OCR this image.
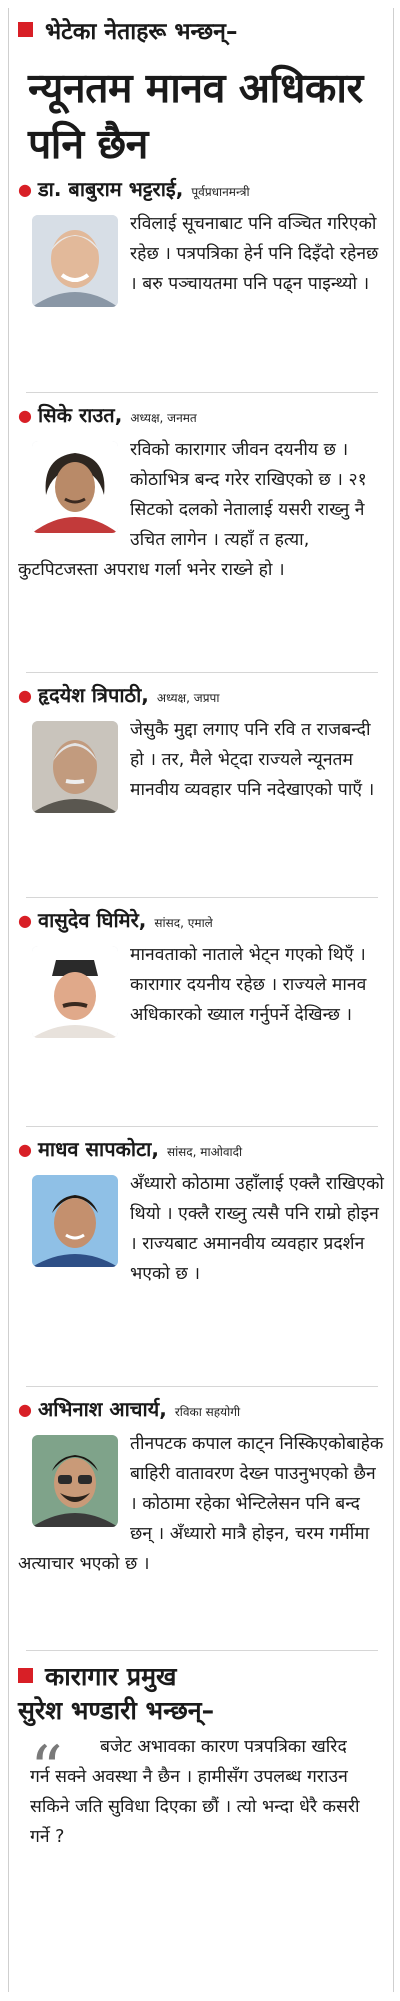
भेटेका नेताहरू भन्छन्–
न्यूनतम मानव अधिकार पनि छैन
● डा. बाबुराम भट्टराई, पूर्वप्रधानमन्त्री

रविलाई सूचनाबाट पनि वञ्चित गरिएको रहेछ । पत्रपत्रिका हेर्न पनि दिइँदो रहेनछ । बरु पञ्चायतमा पनि पढ्न पाइन्थ्यो ।

● सिके राउत, अध्यक्ष, जनमत

रविको कारागार जीवन दयनीय छ । कोठाभित्र बन्द गरेर राखिएको छ । २१ सिटको दलको नेतालाई यसरी राख्नु नै उचित लागेन । त्यहाँ त हत्या, कुटपिटजस्ता अपराध गर्ला भनेर राख्ने हो ।

● हृदयेश त्रिपाठी, अध्यक्ष, जप्रपा

जेसुकै मुद्दा लगाए पनि रवि त राजबन्दी हो । तर, मैले भेट्दा राज्यले न्यूनतम मानवीय व्यवहार पनि नदेखाएको पाएँ ।

● वासुदेव घिमिरे, सांसद, एमाले

मानवताको नाताले भेट्न गएको थिएँ । कारागार दयनीय रहेछ । राज्यले मानव अधिकारको ख्याल गर्नुपर्ने देखिन्छ ।

● माधव सापकोटा, सांसद, माओवादी

अँध्यारो कोठामा उहाँलाई एक्लै राखिएको थियो । एक्लै राख्नु त्यसै पनि राम्रो होइन । राज्यबाट अमानवीय व्यवहार प्रदर्शन भएको छ ।

● अभिनाश आचार्य, रविका सहयोगी

तीनपटक कपाल काट्न निस्किएकोबाहेक बाहिरी वातावरण देख्न पाउनुभएको छैन । कोठामा रहेका भेन्टिलेसन पनि बन्द छन् । अँध्यारो मात्रै होइन, चरम गर्मीमा अत्याचार भएको छ ।

कारागार प्रमुख
सुरेश भण्डारी भन्छन्–
“	बजेट अभावका कारण पत्रपत्रिका खरिद गर्न सक्ने अवस्था नै छैन । हामीसँग उपलब्ध गराउन सकिने जति सुविधा दिएका छौं । त्यो भन्दा धेरै कसरी गर्ने ?
